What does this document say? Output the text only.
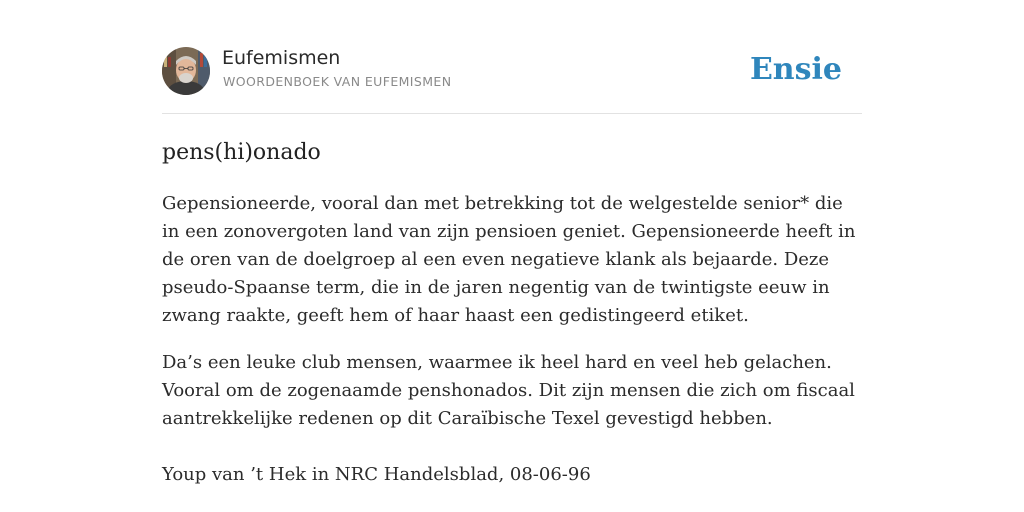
Eufemismen
WOORDENBOEK VAN EUFEMISMEN	Ensie
pens(hi)onado

Gepensioneerde, vooral dan met betrekking tot de welgestelde senior* die in een zonovergoten land van zijn pensioen geniet. Gepensioneerde heeft in de oren van de doelgroep al een even negatieve klank als bejaarde. Deze pseudo-Spaanse term, die in de jaren negentig van de twintigste eeuw in zwang raakte, geeft hem of haar haast een gedistingeerd etiket.

Da’s een leuke club mensen, waarmee ik heel hard en veel heb gelachen. Vooral om de zogenaamde penshonados. Dit zijn mensen die zich om fiscaal aantrekkelijke redenen op dit Caraïbische Texel gevestigd hebben.

Youp van ’t Hek in NRC Handelsblad, 08-06-96
